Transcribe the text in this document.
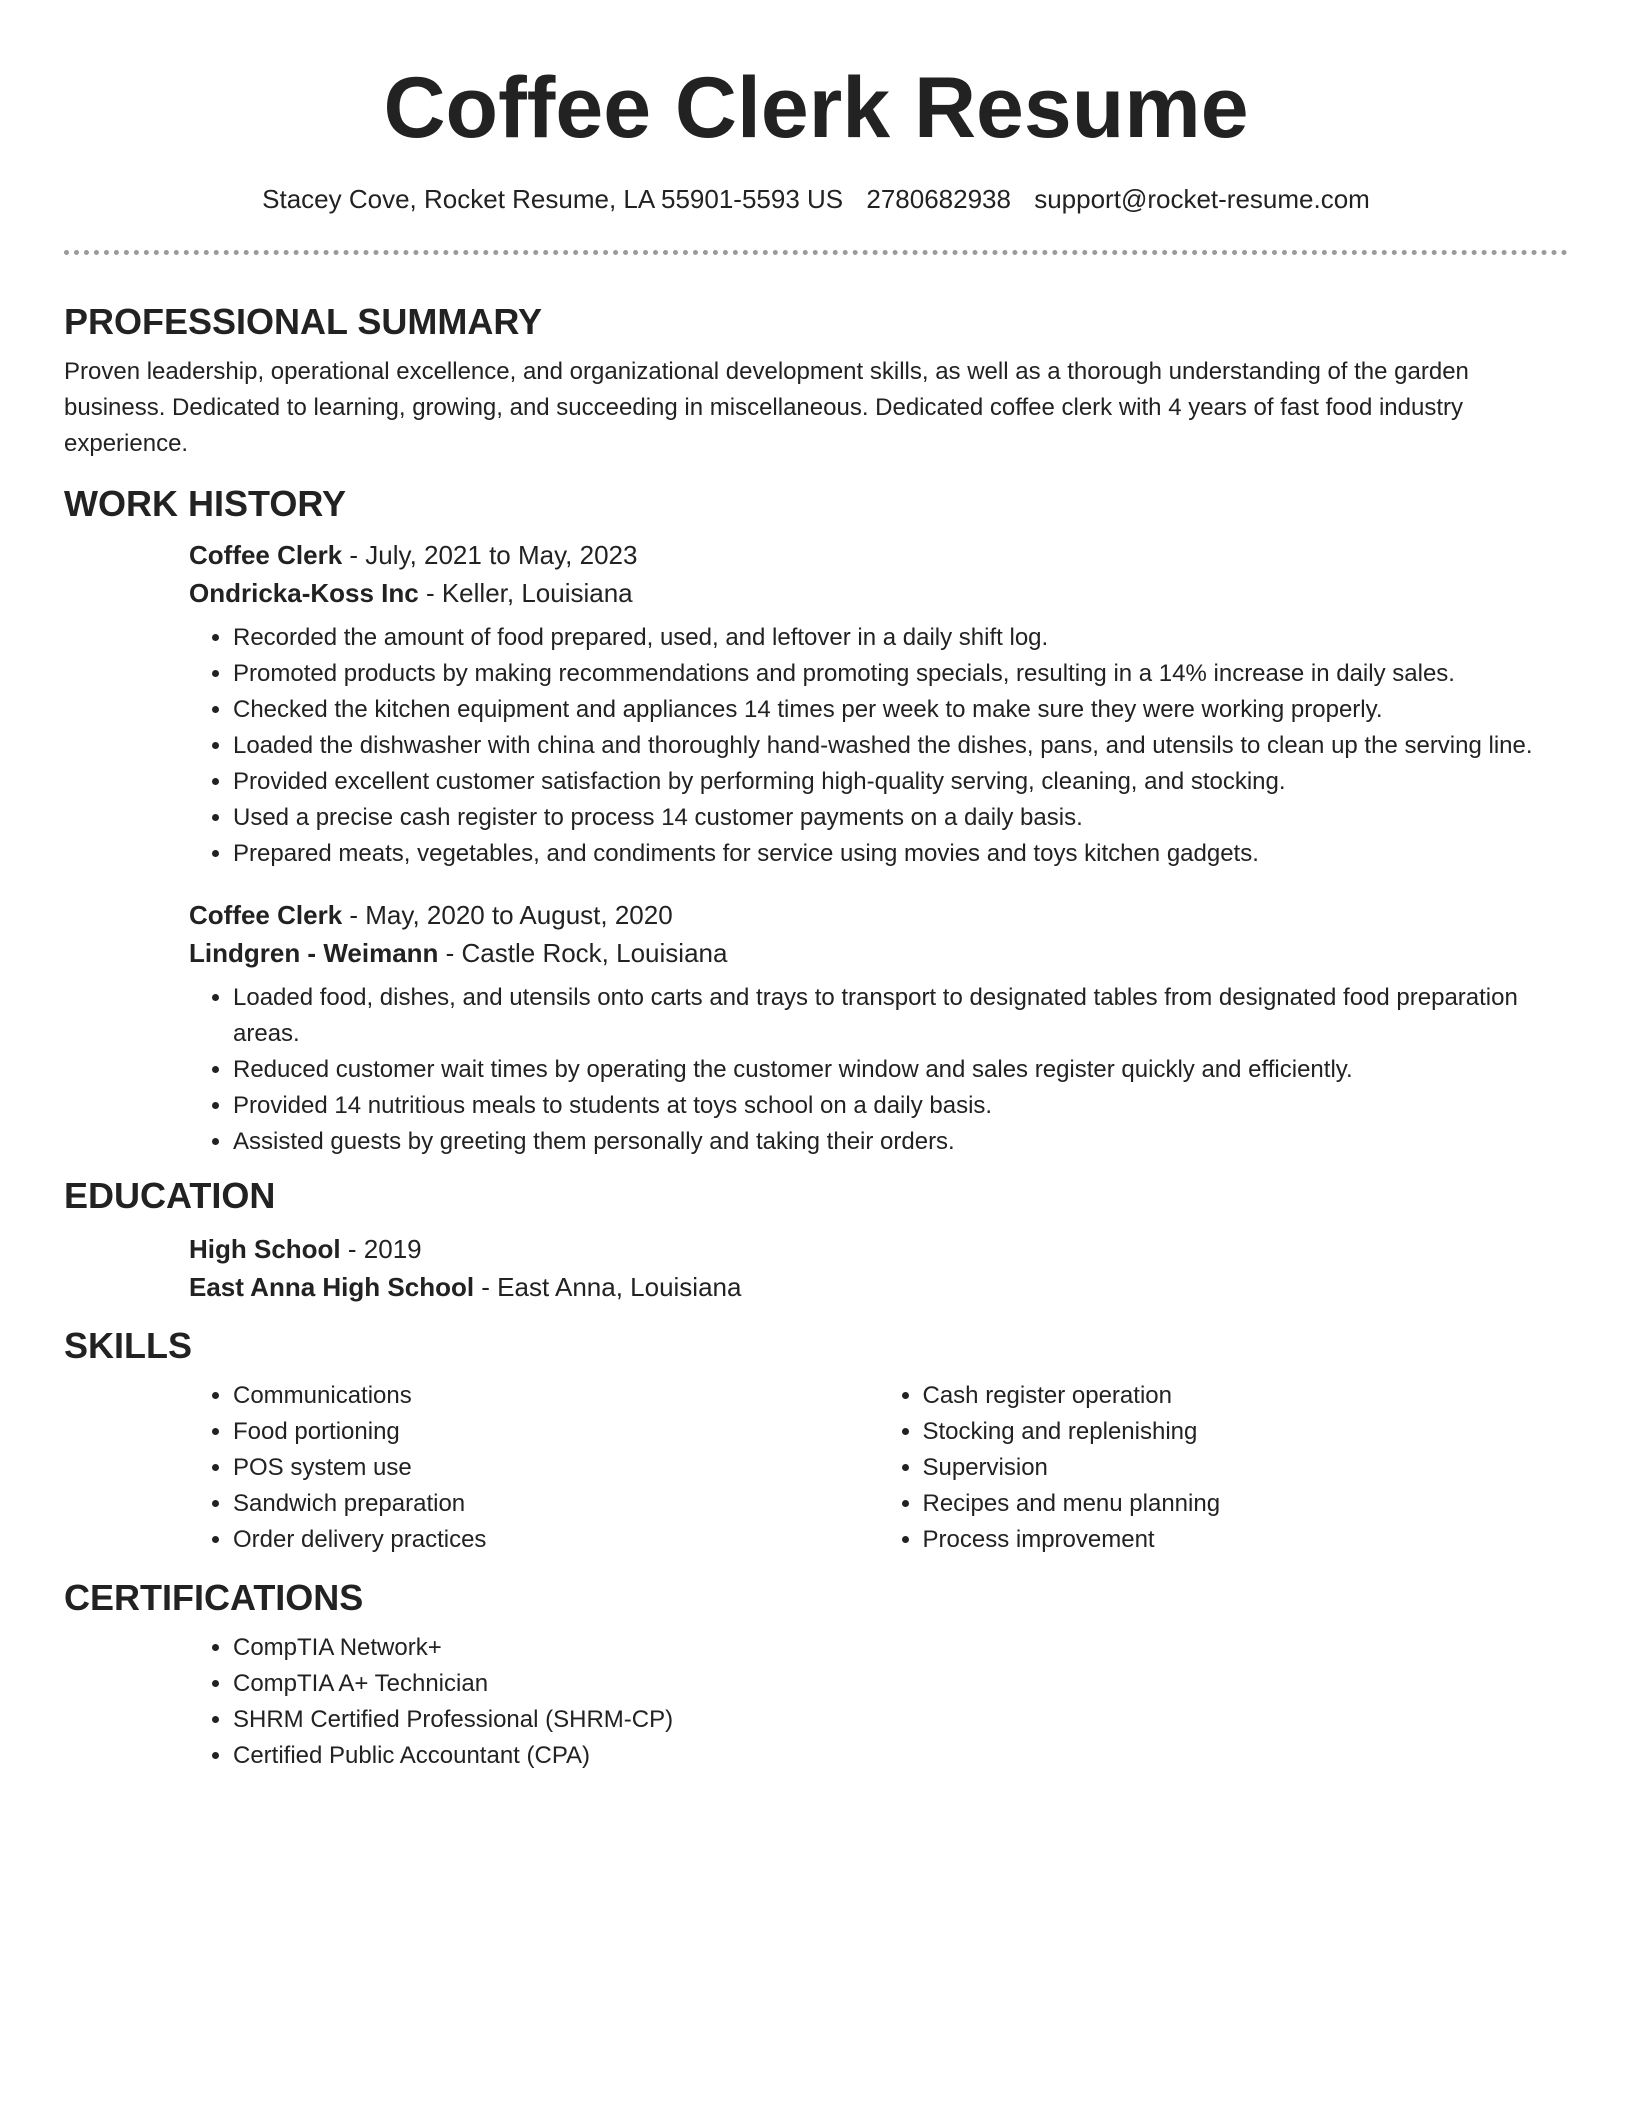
Coffee Clerk Resume
Stacey Cove, Rocket Resume, LA 55901-5593 US 2780682938 support@rocket-resume.com
PROFESSIONAL SUMMARY

Proven leadership, operational excellence, and organizational development skills, as well as a thorough understanding of the garden business. Dedicated to learning, growing, and succeeding in miscellaneous. Dedicated coffee clerk with 4 years of fast food industry experience.

WORK HISTORY
Coffee Clerk - July, 2021 to May, 2023
Ondricka-Koss Inc - Keller, Louisiana
• Recorded the amount of food prepared, used, and leftover in a daily shift log.
• Promoted products by making recommendations and promoting specials, resulting in a 14% increase in daily sales.
• Checked the kitchen equipment and appliances 14 times per week to make sure they were working properly.
• Loaded the dishwasher with china and thoroughly hand-washed the dishes, pans, and utensils to clean up the serving line.
• Provided excellent customer satisfaction by performing high-quality serving, cleaning, and stocking.
• Used a precise cash register to process 14 customer payments on a daily basis.
• Prepared meats, vegetables, and condiments for service using movies and toys kitchen gadgets.
Coffee Clerk - May, 2020 to August, 2020
Lindgren - Weimann - Castle Rock, Louisiana
• Loaded food, dishes, and utensils onto carts and trays to transport to designated tables from designated food preparation areas.
• Reduced customer wait times by operating the customer window and sales register quickly and efficiently.
• Provided 14 nutritious meals to students at toys school on a daily basis.
• Assisted guests by greeting them personally and taking their orders.
EDUCATION
High School - 2019
East Anna High School - East Anna, Louisiana
SKILLS
• Communications
• Food portioning
• POS system use
• Sandwich preparation
• Order delivery practices
• Cash register operation
• Stocking and replenishing
• Supervision
• Recipes and menu planning
• Process improvement
CERTIFICATIONS
• CompTIA Network+
• CompTIA A+ Technician
• SHRM Certified Professional (SHRM-CP)
• Certified Public Accountant (CPA)
